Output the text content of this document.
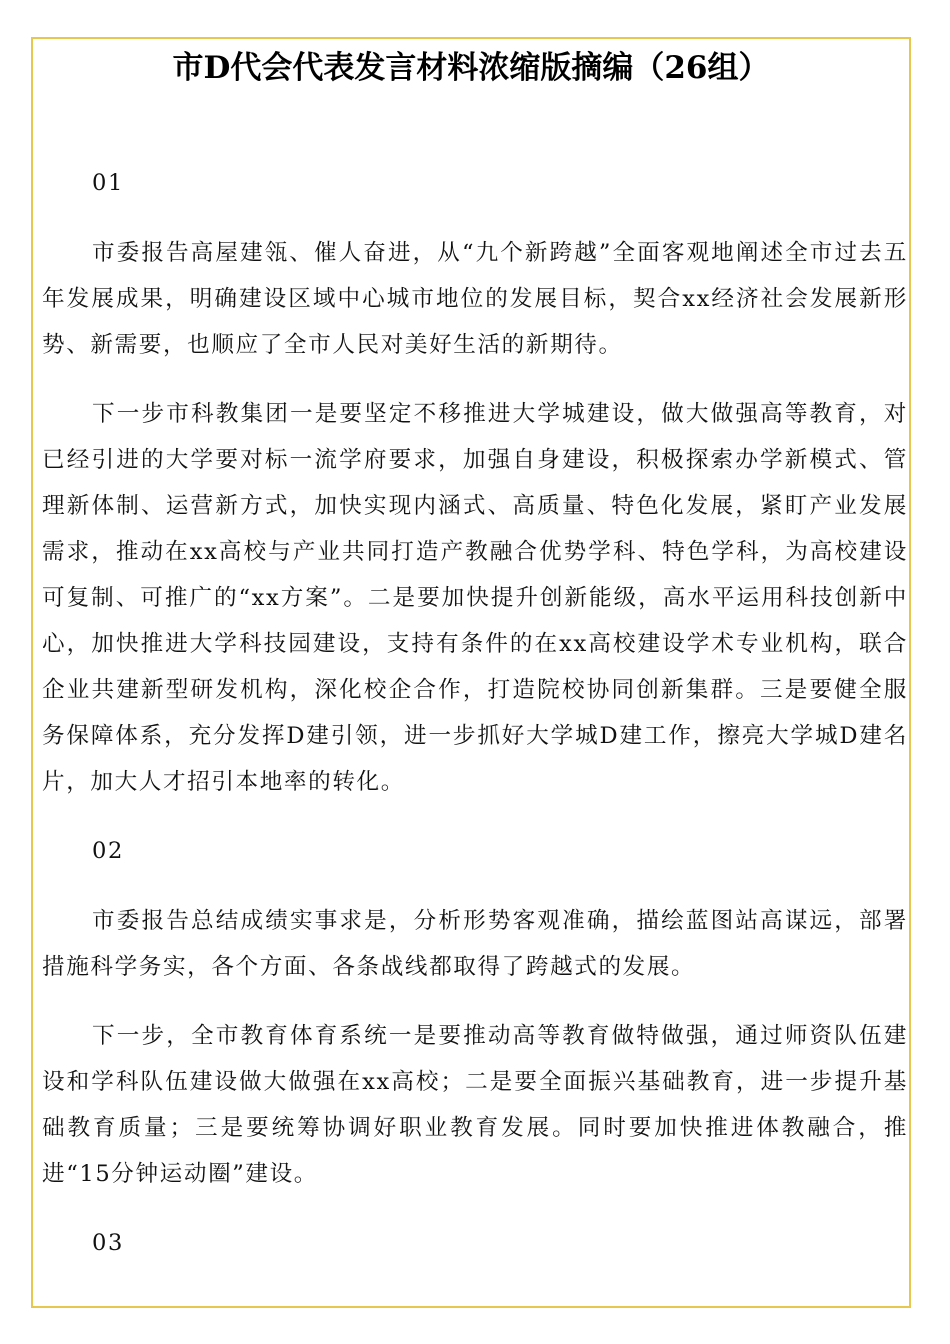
市D代会代表发言材料浓缩版摘编（26组）

01

市委报告高屋建瓴、催人奋进，从“九个新跨越”全面客观地阐述全市过去五年发展成果，明确建设区域中心城市地位的发展目标，契合xx经济社会发展新形势、新需要，也顺应了全市人民对美好生活的新期待。

下一步市科教集团一是要坚定不移推进大学城建设，做大做强高等教育，对已经引进的大学要对标一流学府要求，加强自身建设，积极探索办学新模式、管理新体制、运营新方式，加快实现内涵式、高质量、特色化发展，紧盯产业发展需求，推动在xx高校与产业共同打造产教融合优势学科、特色学科，为高校建设可复制、可推广的“xx方案”。二是要加快提升创新能级，高水平运用科技创新中心，加快推进大学科技园建设，支持有条件的在xx高校建设学术专业机构，联合企业共建新型研发机构，深化校企合作，打造院校协同创新集群。三是要健全服务保障体系，充分发挥D建引领，进一步抓好大学城D建工作，擦亮大学城D建名片，加大人才招引本地率的转化。

02

市委报告总结成绩实事求是，分析形势客观准确，描绘蓝图站高谋远，部署措施科学务实，各个方面、各条战线都取得了跨越式的发展。

下一步，全市教育体育系统一是要推动高等教育做特做强，通过师资队伍建设和学科队伍建设做大做强在xx高校；二是要全面振兴基础教育，进一步提升基础教育质量；三是要统筹协调好职业教育发展。同时要加快推进体教融合，推进“15分钟运动圈”建设。

03
